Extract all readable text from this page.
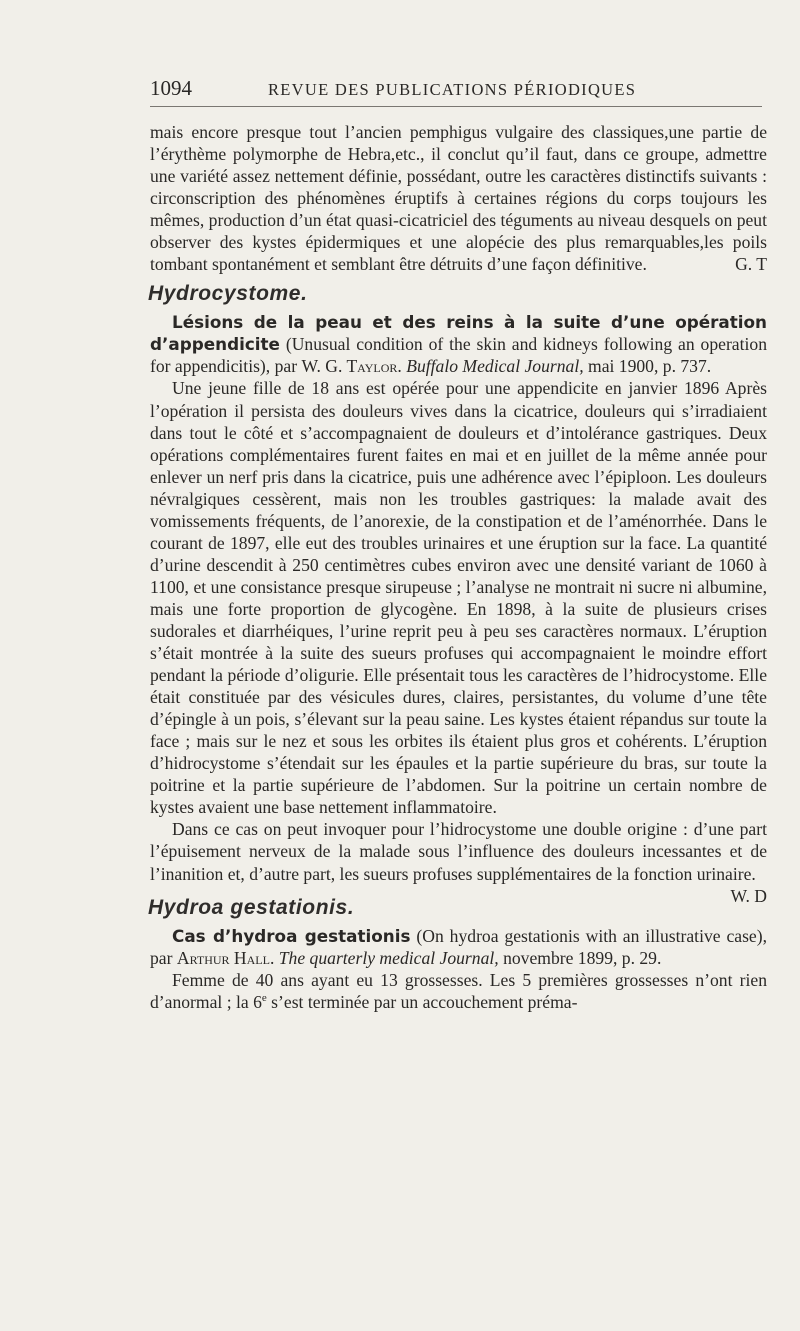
1094	REVUE DES PUBLICATIONS PÉRIODIQUES

mais encore presque tout l’ancien pemphigus vulgaire des classiques,une partie de l’érythème polymorphe de Hebra,etc., il conclut qu’il faut, dans ce groupe, admettre une variété assez nettement définie, possédant, outre les caractères distinctifs suivants : circonscription des phénomènes éruptifs à certaines régions du corps toujours les mêmes, production d’un état quasi-cicatriciel des téguments au niveau desquels on peut observer des kystes épidermiques et une alopécie des plus remarquables,les poils tombant spontanément et semblant être détruits d’une façon définitive.	G. T

Hydrocystome.

Lésions de la peau et des reins à la suite d’une opération d’appendicite (Unusual condition of the skin and kidneys following an operation for appendicitis), par W. G. Taylor. Buffalo Medical Journal, mai 1900, p. 737.

Une jeune fille de 18 ans est opérée pour une appendicite en janvier 1896 Après l’opération il persista des douleurs vives dans la cicatrice, douleurs qui s’irradiaient dans tout le côté et s’accompagnaient de douleurs et d’intolérance gastriques. Deux opérations complémentaires furent faites en mai et en juillet de la même année pour enlever un nerf pris dans la cicatrice, puis une adhérence avec l’épiploon. Les douleurs névralgiques cessèrent, mais non les troubles gastriques: la malade avait des vomissements fréquents, de l’anorexie, de la constipation et de l’aménorrhée. Dans le courant de 1897, elle eut des troubles urinaires et une éruption sur la face. La quantité d’urine descendit à 250 centimètres cubes environ avec une densité variant de 1060 à 1100, et une consistance presque sirupeuse ; l’analyse ne montrait ni sucre ni albumine, mais une forte proportion de glycogène. En 1898, à la suite de plusieurs crises sudorales et diarrhéiques, l’urine reprit peu à peu ses caractères normaux. L’éruption s’était montrée à la suite des sueurs profuses qui accompagnaient le moindre effort pendant la période d’oligurie. Elle présentait tous les caractères de l’hidrocystome. Elle était constituée par des vésicules dures, claires, persistantes, du volume d’une tête d’épingle à un pois, s’élevant sur la peau saine. Les kystes étaient répandus sur toute la face ; mais sur le nez et sous les orbites ils étaient plus gros et cohérents. L’éruption d’hidrocystome s’étendait sur les épaules et la partie supérieure du bras, sur toute la poitrine et la partie supérieure de l’abdomen. Sur la poitrine un certain nombre de kystes avaient une base nettement inflammatoire.

Dans ce cas on peut invoquer pour l’hidrocystome une double origine : d’une part l’épuisement nerveux de la malade sous l’influence des douleurs incessantes et de l’inanition et, d’autre part, les sueurs profuses supplémentaires de la fonction urinaire.
W. D

Hydroa gestationis.

Cas d’hydroa gestationis (On hydroa gestationis with an illustrative case), par Arthur Hall. The quarterly medical Journal, novembre 1899, p. 29.

Femme de 40 ans ayant eu 13 grossesses. Les 5 premières grossesses n’ont rien d’anormal ; la 6e s’est terminée par un accouchement préma-
